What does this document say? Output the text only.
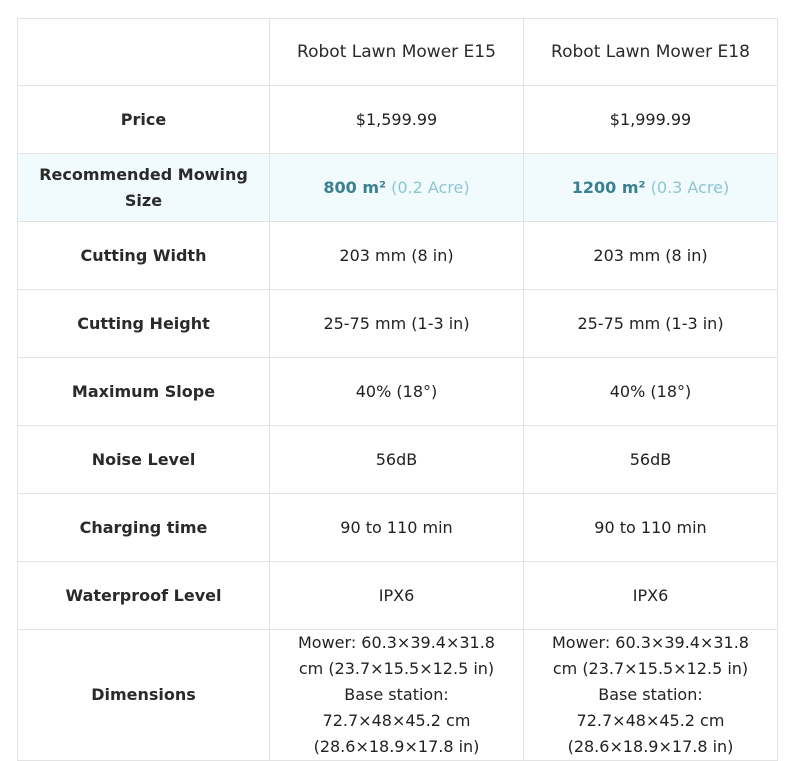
	Robot Lawn Mower E15	Robot Lawn Mower E18
Price	$1,599.99	$1,999.99
Recommended Mowing Size	800 m² (0.2 Acre)	1200 m² (0.3 Acre)
Cutting Width	203 mm (8 in)	203 mm (8 in)
Cutting Height	25-75 mm (1-3 in)	25-75 mm (1-3 in)
Maximum Slope	40% (18°)	40% (18°)
Noise Level	56dB	56dB
Charging time	90 to 110 min	90 to 110 min
Waterproof Level	IPX6	IPX6
Dimensions	Mower: 60.3×39.4×31.8 cm (23.7×15.5×12.5 in) Base station: 72.7×48×45.2 cm (28.6×18.9×17.8 in)	Mower: 60.3×39.4×31.8 cm (23.7×15.5×12.5 in) Base station: 72.7×48×45.2 cm (28.6×18.9×17.8 in)
